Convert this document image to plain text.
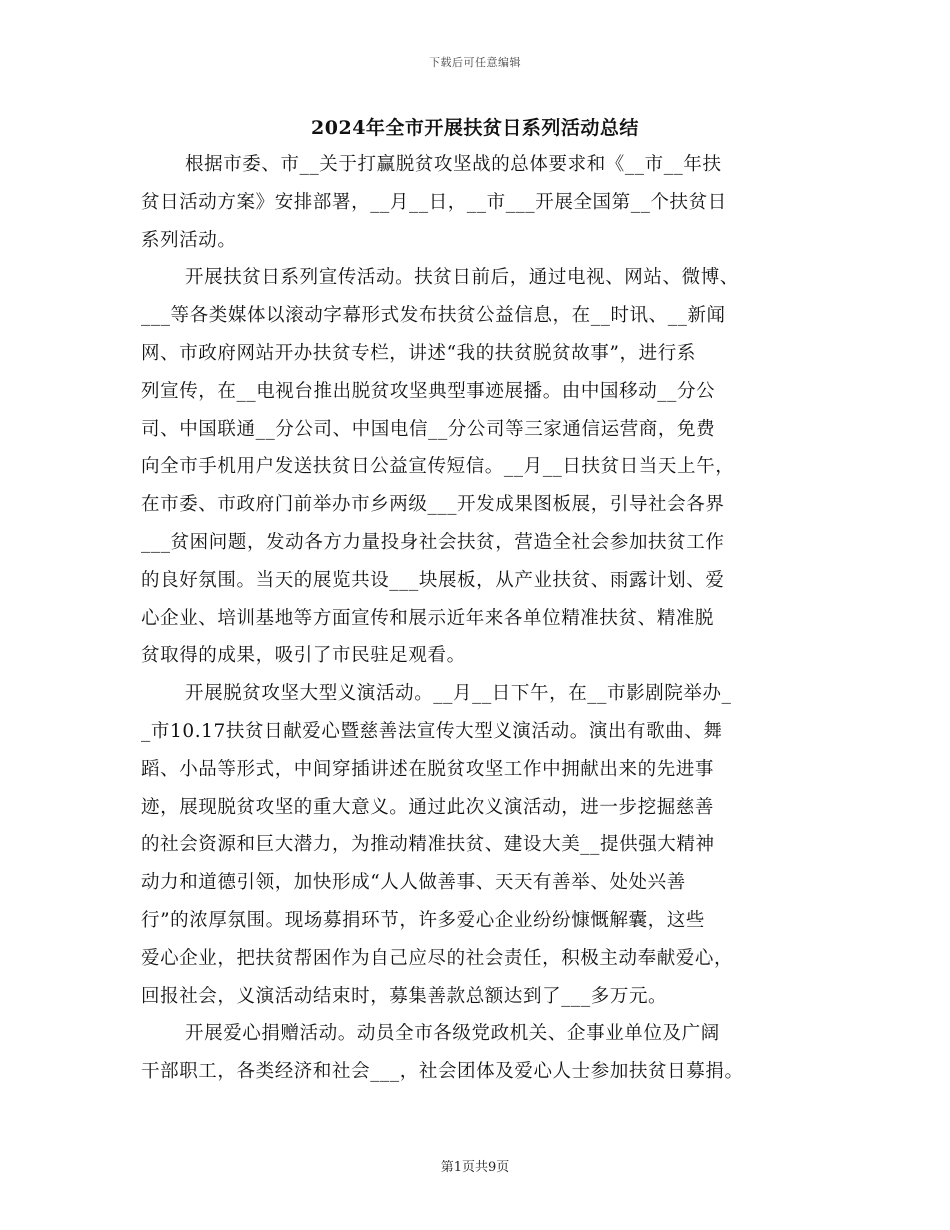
下载后可任意编辑
2024年全市开展扶贫日系列活动总结
根据市委、市__关于打赢脱贫攻坚战的总体要求和《__市__年扶
贫日活动方案》安排部署，__月__日，__市___开展全国第__个扶贫日
系列活动。
开展扶贫日系列宣传活动。扶贫日前后，通过电视、网站、微博、
___等各类媒体以滚动字幕形式发布扶贫公益信息，在__时讯、__新闻
网、市政府网站开办扶贫专栏，讲述“我的扶贫脱贫故事”，进行系
列宣传，在__电视台推出脱贫攻坚典型事迹展播。由中国移动__分公
司、中国联通__分公司、中国电信__分公司等三家通信运营商，免费
向全市手机用户发送扶贫日公益宣传短信。__月__日扶贫日当天上午，
在市委、市政府门前举办市乡两级___开发成果图板展，引导社会各界
___贫困问题，发动各方力量投身社会扶贫，营造全社会参加扶贫工作
的良好氛围。当天的展览共设___块展板，从产业扶贫、雨露计划、爱
心企业、培训基地等方面宣传和展示近年来各单位精准扶贫、精准脱
贫取得的成果，吸引了市民驻足观看。
开展脱贫攻坚大型义演活动。__月__日下午，在__市影剧院举办_
_市10.17扶贫日献爱心暨慈善法宣传大型义演活动。演出有歌曲、舞
蹈、小品等形式，中间穿插讲述在脱贫攻坚工作中拥献出来的先进事
迹，展现脱贫攻坚的重大意义。通过此次义演活动，进一步挖掘慈善
的社会资源和巨大潜力，为推动精准扶贫、建设大美__提供强大精神
动力和道德引领，加快形成“人人做善事、天天有善举、处处兴善
行”的浓厚氛围。现场募捐环节，许多爱心企业纷纷慷慨解囊，这些
爱心企业，把扶贫帮困作为自己应尽的社会责任，积极主动奉献爱心，
回报社会，义演活动结束时，募集善款总额达到了___多万元。
开展爱心捐赠活动。动员全市各级党政机关、企事业单位及广阔
干部职工，各类经济和社会___，社会团体及爱心人士参加扶贫日募捐。
第1页共9页
